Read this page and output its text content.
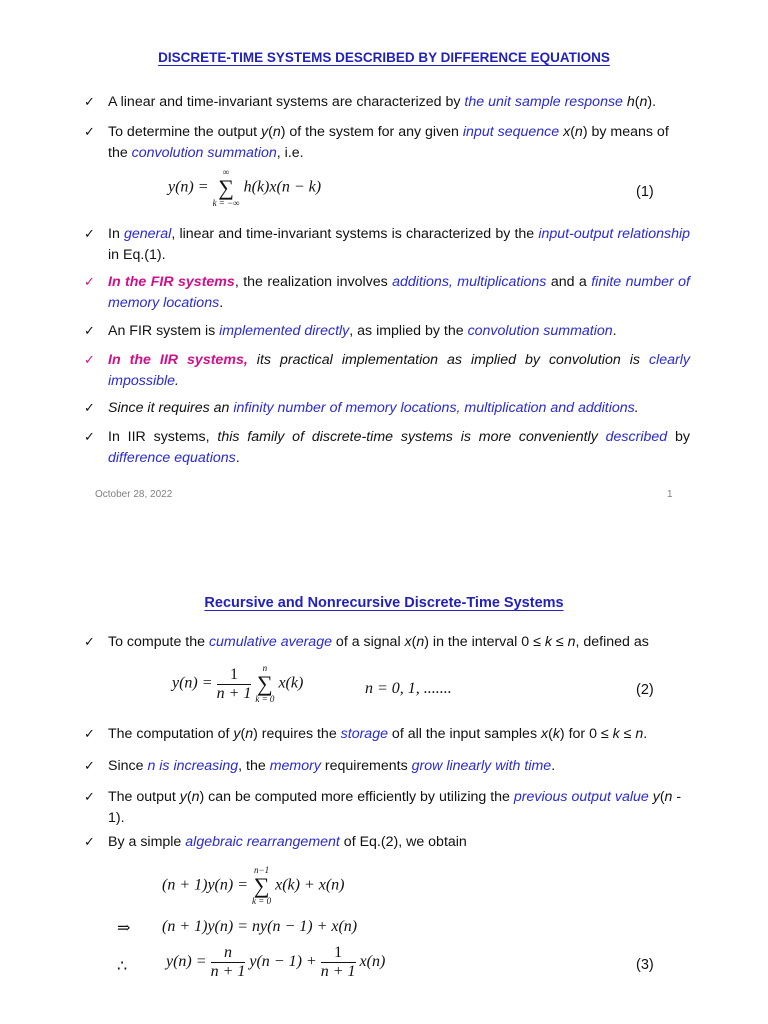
DISCRETE-TIME SYSTEMS DESCRIBED BY DIFFERENCE EQUATIONS
✓ A linear and time-invariant systems are characterized by the unit sample response h(n).
✓ To determine the output y(n) of the system for any given input sequence x(n) by means of the convolution summation, i.e.
y(n) =
∞
∑
k = −∞
h(k)x(n − k)	(1)
✓ In general, linear and time-invariant systems is characterized by the input-output relationship in Eq.(1).
✓ In the FIR systems, the realization involves additions, multiplications and a finite number of memory locations.
✓ An FIR system is implemented directly, as implied by the convolution summation.
✓ In the IIR systems, its practical implementation as implied by convolution is clearly impossible.
✓ Since it requires an infinity number of memory locations, multiplication and additions.
✓ In IIR systems, this family of discrete-time systems is more conveniently described by difference equations.
October 28, 2022	1
Recursive and Nonrecursive Discrete-Time Systems
✓ To compute the cumulative average of a signal x(n) in the interval 0 ≤ k ≤ n, defined as
$y(n) = \frac{1}{n + 1}$
	n
∑
k = 0
x(k)	n = 0, 1, .......	(2)
✓ The computation of y(n) requires the storage of all the input samples x(k) for 0 ≤ k ≤ n.
✓ Since n is increasing, the memory requirements grow linearly with time.
✓ The output y(n) can be computed more efficiently by utilizing the previous output value y(n - 1).
✓ By a simple algebraic rearrangement of Eq.(2), we obtain
(n + 1)y(n) =
n−1
∑
k = 0
x(k) + x(n)
⇒ (n + 1)y(n) = ny(n − 1) + x(n)
∴ $y(n) = \frac{n}{n + 1} y(n - 1) + \frac{1}{n + 1} x(n)$	(3)
